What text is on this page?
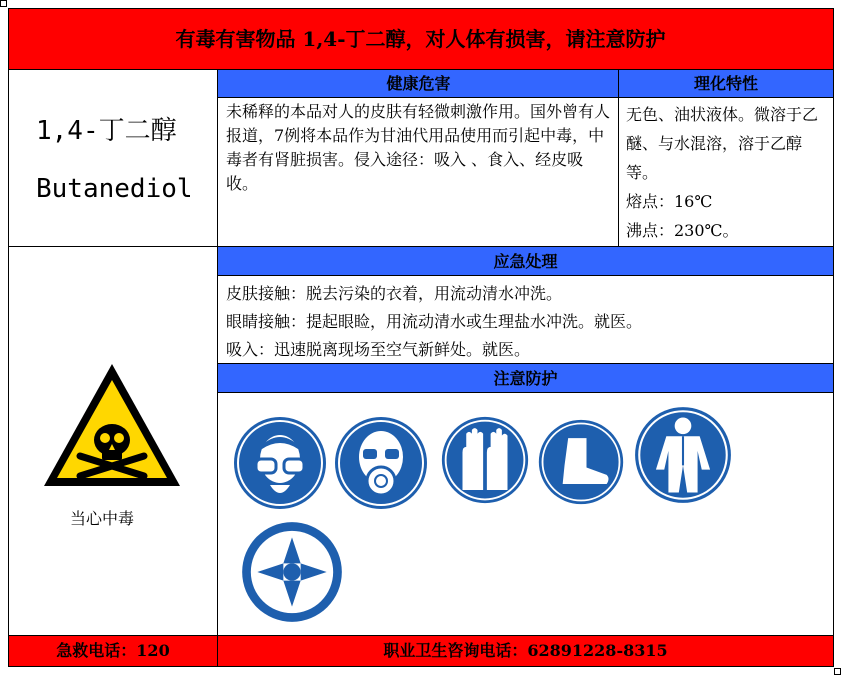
有毒有害物品 1,4-丁二醇，对人体有损害，请注意防护
1,4-丁二醇
Butanediol
健康危害	理化特性
未稀释的本品对人的皮肤有轻微刺激作用。国外曾有人报道，7例将本品作为甘油代用品使用而引起中毒，中毒者有肾脏损害。侵入途径：吸入 、食入、经皮吸收。
无色、油状液体。微溶于乙醚、与水混溶，溶于乙醇等。
熔点：16℃
沸点：230℃。
应急处理
皮肤接触：脱去污染的衣着，用流动清水冲洗。
眼睛接触：提起眼睑，用流动清水或生理盐水冲洗。就医。
吸入：迅速脱离现场至空气新鲜处。就医。
注意防护
当心中毒
急救电话：120	职业卫生咨询电话：62891228-8315
